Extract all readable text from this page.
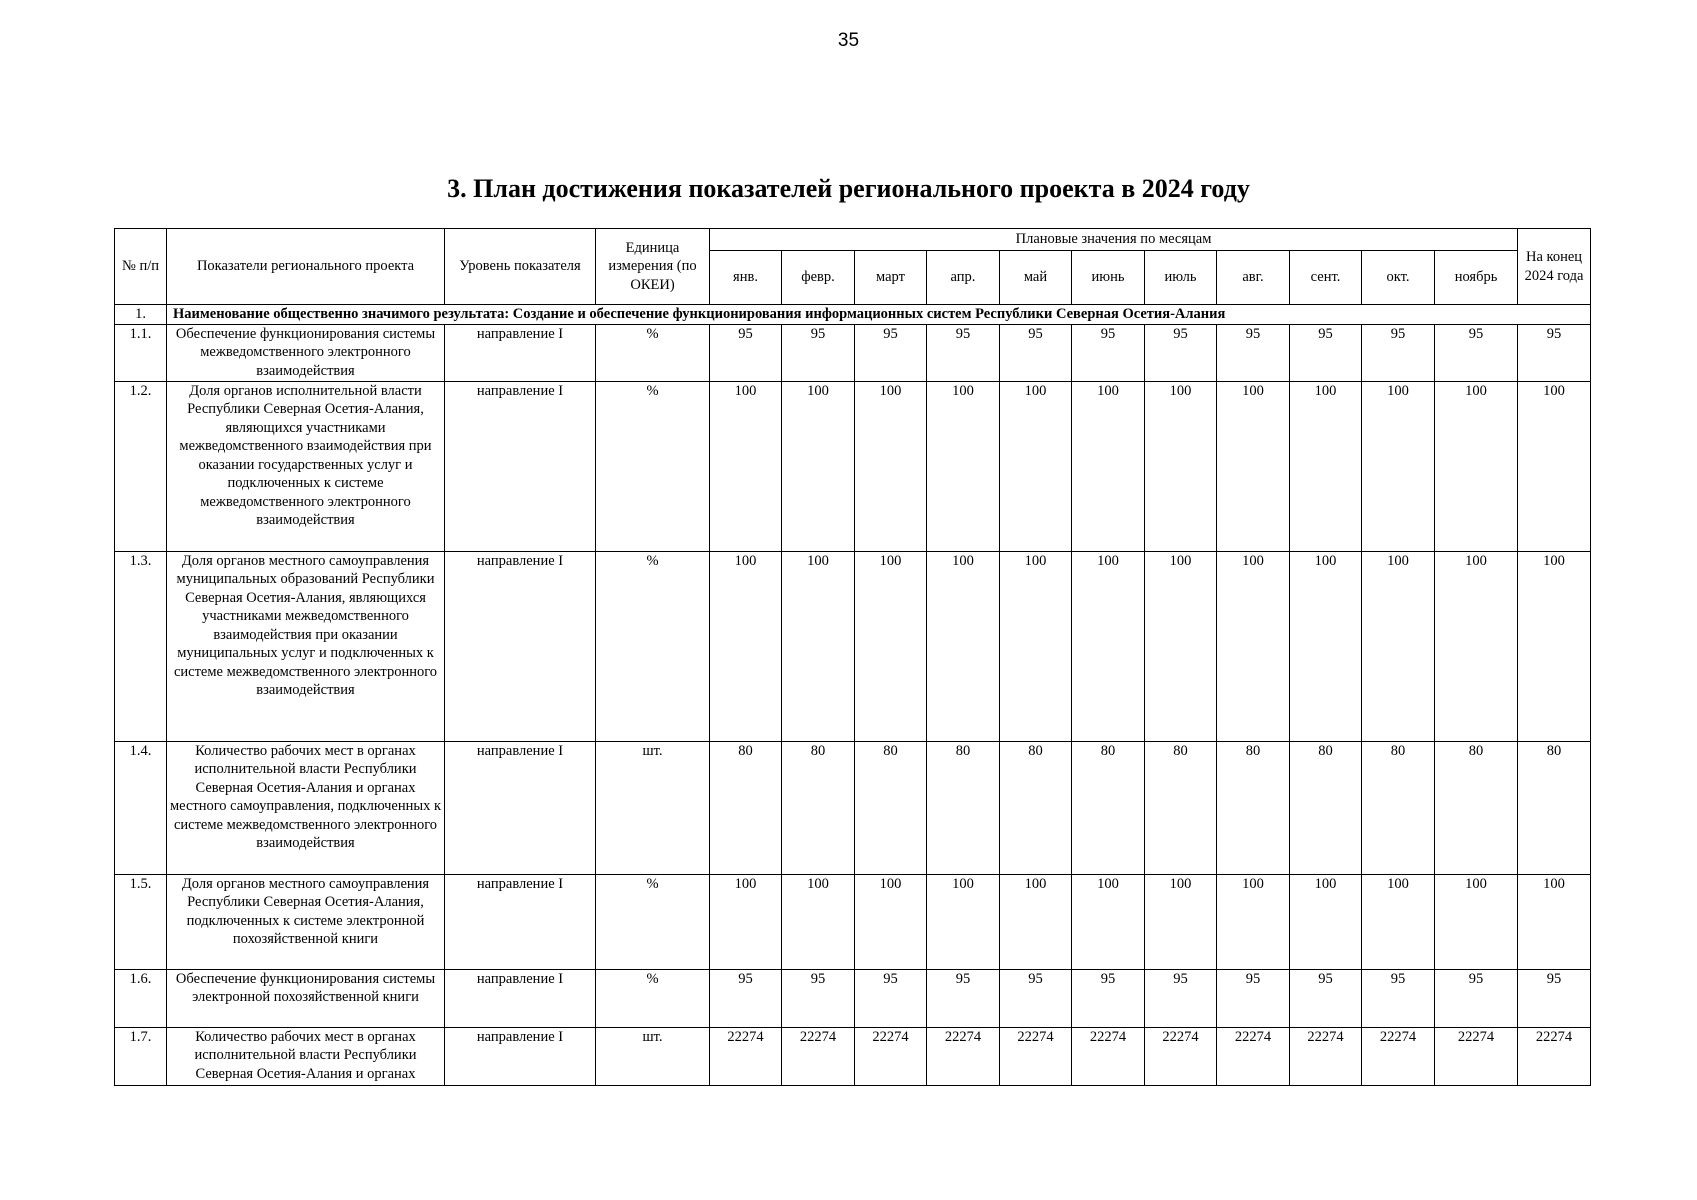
35
3. План достижения показателей регионального проекта в 2024 году
№ п/п	Показатели регионального проекта	Уровень показателя	Единица измерения (по ОКЕИ)	Плановые значения по месяцам											На конец 2024 года
				янв.	февр.	март	апр.	май	июнь	июль	авг.	сент.	окт.	ноябрь	
1.	Наименование общественно значимого результата: Создание и обеспечение функционирования информационных систем Республики Северная Осетия-Алания														
1.1.	Обеспечение функционирования системы межведомственного электронного взаимодействия	направление I	%	95	95	95	95	95	95	95	95	95	95	95	95
1.2.	Доля органов исполнительной власти Республики Северная Осетия-Алания, являющихся участниками межведомственного взаимодействия при оказании государственных услуг и подключенных к системе межведомственного электронного взаимодействия	направление I	%	100	100	100	100	100	100	100	100	100	100	100	100
1.3.	Доля органов местного самоуправления муниципальных образований Республики Северная Осетия-Алания, являющихся участниками межведомственного взаимодействия при оказании муниципальных услуг и подключенных к системе межведомственного электронного взаимодействия	направление I	%	100	100	100	100	100	100	100	100	100	100	100	100
1.4.	Количество рабочих мест в органах исполнительной власти Республики Северная Осетия-Алания и органах местного самоуправления, подключенных к системе межведомственного электронного взаимодействия	направление I	шт.	80	80	80	80	80	80	80	80	80	80	80	80
1.5.	Доля органов местного самоуправления Республики Северная Осетия-Алания, подключенных к системе электронной похозяйственной книги	направление I	%	100	100	100	100	100	100	100	100	100	100	100	100
1.6.	Обеспечение функционирования системы электронной похозяйственной книги	направление I	%	95	95	95	95	95	95	95	95	95	95	95	95
1.7.	Количество рабочих мест в органах исполнительной власти Республики Северная Осетия-Алания и органах	направление I	шт.	22274	22274	22274	22274	22274	22274	22274	22274	22274	22274	22274	22274
